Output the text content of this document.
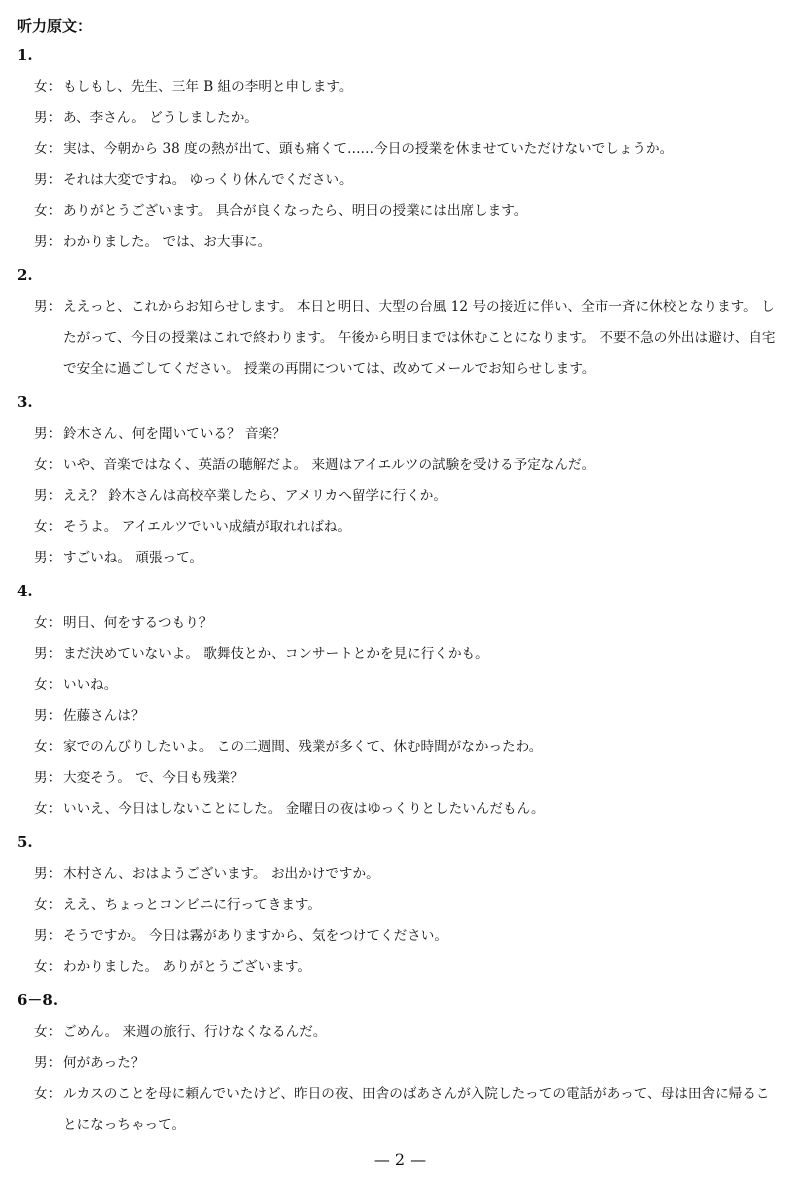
听力原文：
1.
女： もしもし、先生、三年 B 組の李明と申します。
男： あ、李さん。 どうしましたか。
女： 実は、今朝から 38 度の熱が出て、頭も痛くて……今日の授業を休ませていただけないでしょうか。
男： それは大変ですね。 ゆっくり休んでください。
女： ありがとうございます。 具合が良くなったら、明日の授業には出席します。
男： わかりました。 では、お大事に。
2.
男： ええっと、これからお知らせします。 本日と明日、大型の台風 12 号の接近に伴い、全市一斉に休校となります。 したがって、今日の授業はこれで終わります。 午後から明日までは休むことになります。 不要不急の外出は避け、自宅で安全に過ごしてください。 授業の再開については、改めてメールでお知らせします。
3.
男： 鈴木さん、何を聞いている？ 音楽？
女： いや、音楽ではなく、英語の聴解だよ。 来週はアイエルツの試験を受ける予定なんだ。
男： ええ？ 鈴木さんは高校卒業したら、アメリカへ留学に行くか。
女： そうよ。 アイエルツでいい成績が取れればね。
男： すごいね。 頑張って。
4.
女： 明日、何をするつもり？
男： まだ決めていないよ。 歌舞伎とか、コンサートとかを見に行くかも。
女： いいね。
男： 佐藤さんは？
女： 家でのんびりしたいよ。 この二週間、残業が多くて、休む時間がなかったわ。
男： 大変そう。 で、今日も残業？
女： いいえ、今日はしないことにした。 金曜日の夜はゆっくりとしたいんだもん。
5.
男： 木村さん、おはようございます。 お出かけですか。
女： ええ、ちょっとコンビニに行ってきます。
男： そうですか。 今日は霧がありますから、気をつけてください。
女： わかりました。 ありがとうございます。
6－8.
女： ごめん。 来週の旅行、行けなくなるんだ。
男： 何があった？
女： ルカスのことを母に頼んでいたけど、昨日の夜、田舎のばあさんが入院したっての電話があって、母は田舎に帰ることになっちゃって。
— 2 —
